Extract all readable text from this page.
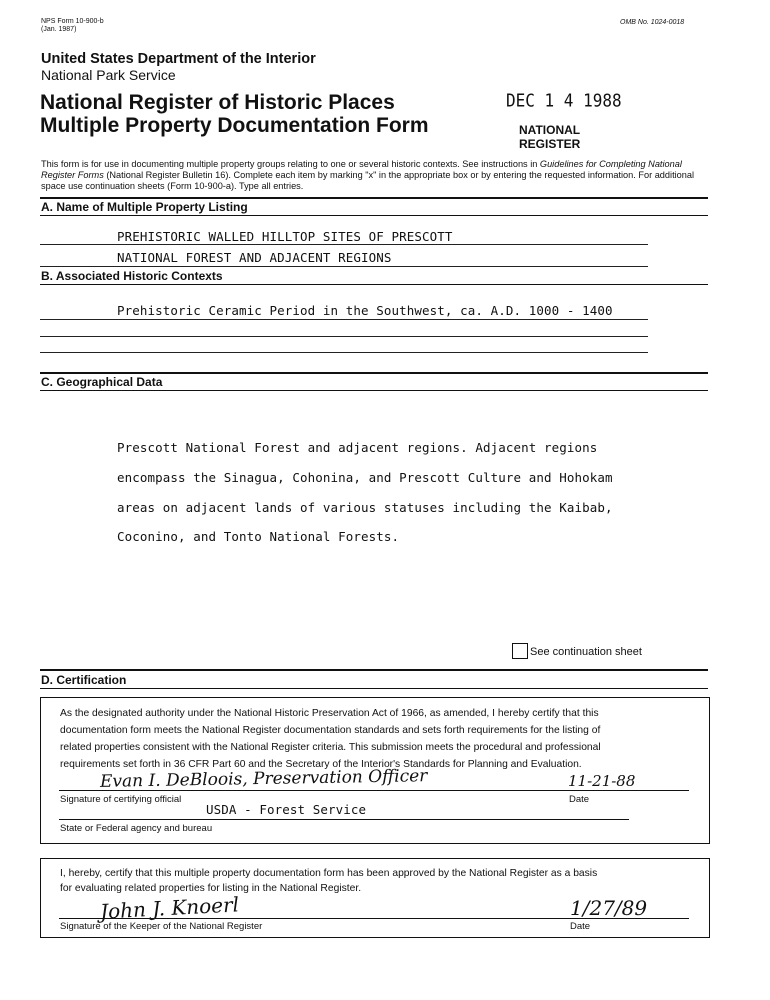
NPS Form 10-900-b
(Jan. 1987)
OMB No. 1024-0018
United States Department of the Interior
National Park Service
National Register of Historic Places
Multiple Property Documentation Form
DEC 1 4 1988
NATIONAL
REGISTER
This form is for use in documenting multiple property groups relating to one or several historic contexts. See instructions in Guidelines for Completing National Register Forms (National Register Bulletin 16). Complete each item by marking "x" in the appropriate box or by entering the requested information. For additional space use continuation sheets (Form 10-900-a). Type all entries.
A. Name of Multiple Property Listing
PREHISTORIC WALLED HILLTOP SITES OF PRESCOTT
NATIONAL FOREST AND ADJACENT REGIONS
B. Associated Historic Contexts
Prehistoric Ceramic Period in the Southwest, ca. A.D. 1000 - 1400
C. Geographical Data
Prescott National Forest and adjacent regions. Adjacent regions
encompass the Sinagua, Cohonina, and Prescott Culture and Hohokam
areas on adjacent lands of various statuses including the Kaibab,
Coconino, and Tonto National Forests.
See continuation sheet
D. Certification
As the designated authority under the National Historic Preservation Act of 1966, as amended, I hereby certify that this
documentation form meets the National Register documentation standards and sets forth requirements for the listing of
related properties consistent with the National Register criteria. This submission meets the procedural and professional
requirements set forth in 36 CFR Part 60 and the Secretary of the Interior's Standards for Planning and Evaluation.
Evan I. DeBloois, Preservation Officer	11-21-88
Signature of certifying official	Date
USDA - Forest Service
State or Federal agency and bureau
I, hereby, certify that this multiple property documentation form has been approved by the National Register as a basis
for evaluating related properties for listing in the National Register.
John J. Knoerl	1/27/89
Signature of the Keeper of the National Register	Date
